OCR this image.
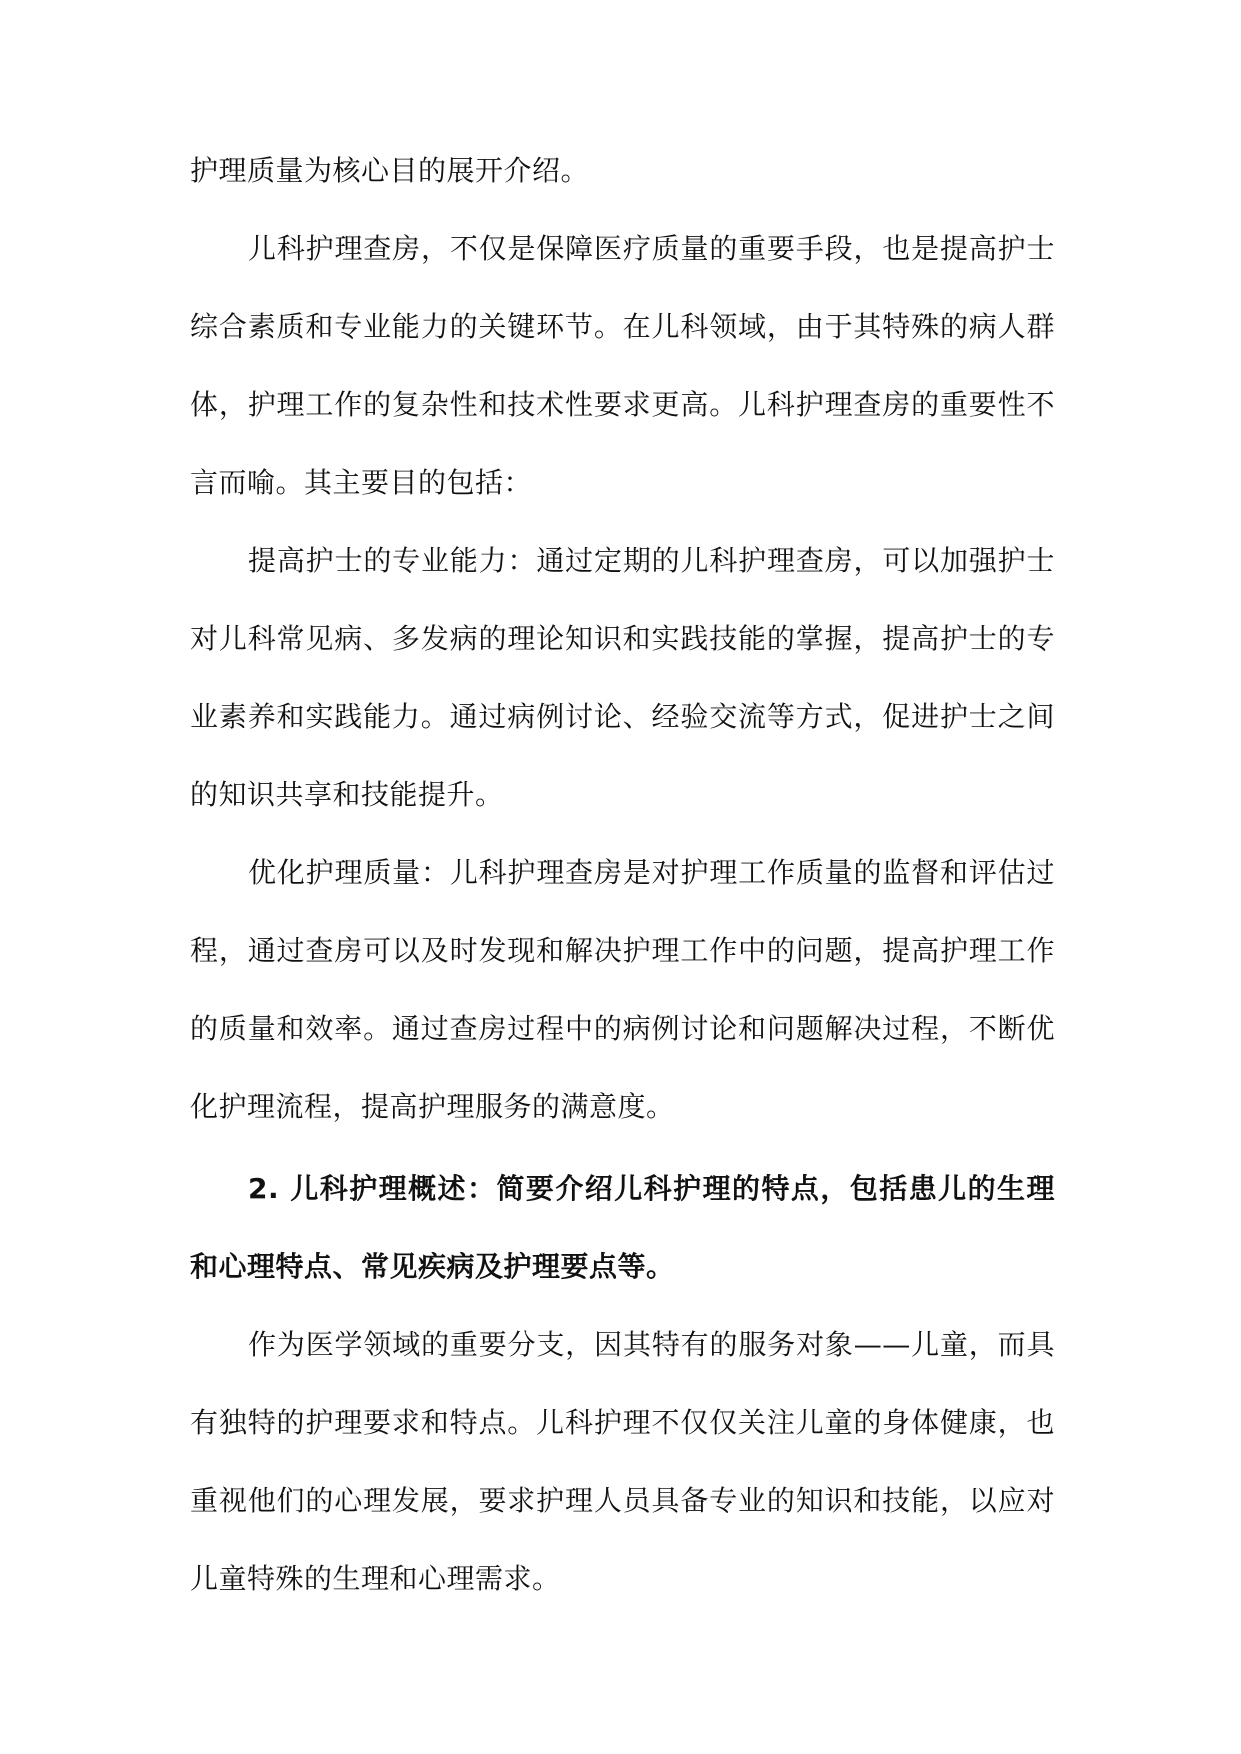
护理质量为核心目的展开介绍。

儿科护理查房，不仅是保障医疗质量的重要手段，也是提高护士综合素质和专业能力的关键环节。在儿科领域，由于其特殊的病人群体，护理工作的复杂性和技术性要求更高。儿科护理查房的重要性不言而喻。其主要目的包括：

提高护士的专业能力：通过定期的儿科护理查房，可以加强护士对儿科常见病、多发病的理论知识和实践技能的掌握，提高护士的专业素养和实践能力。通过病例讨论、经验交流等方式，促进护士之间的知识共享和技能提升。

优化护理质量：儿科护理查房是对护理工作质量的监督和评估过程，通过查房可以及时发现和解决护理工作中的问题，提高护理工作的质量和效率。通过查房过程中的病例讨论和问题解决过程，不断优化护理流程，提高护理服务的满意度。

2. 儿科护理概述：简要介绍儿科护理的特点，包括患儿的生理和心理特点、常见疾病及护理要点等。

作为医学领域的重要分支，因其特有的服务对象——儿童，而具有独特的护理要求和特点。儿科护理不仅仅关注儿童的身体健康，也重视他们的心理发展，要求护理人员具备专业的知识和技能，以应对儿童特殊的生理和心理需求。
